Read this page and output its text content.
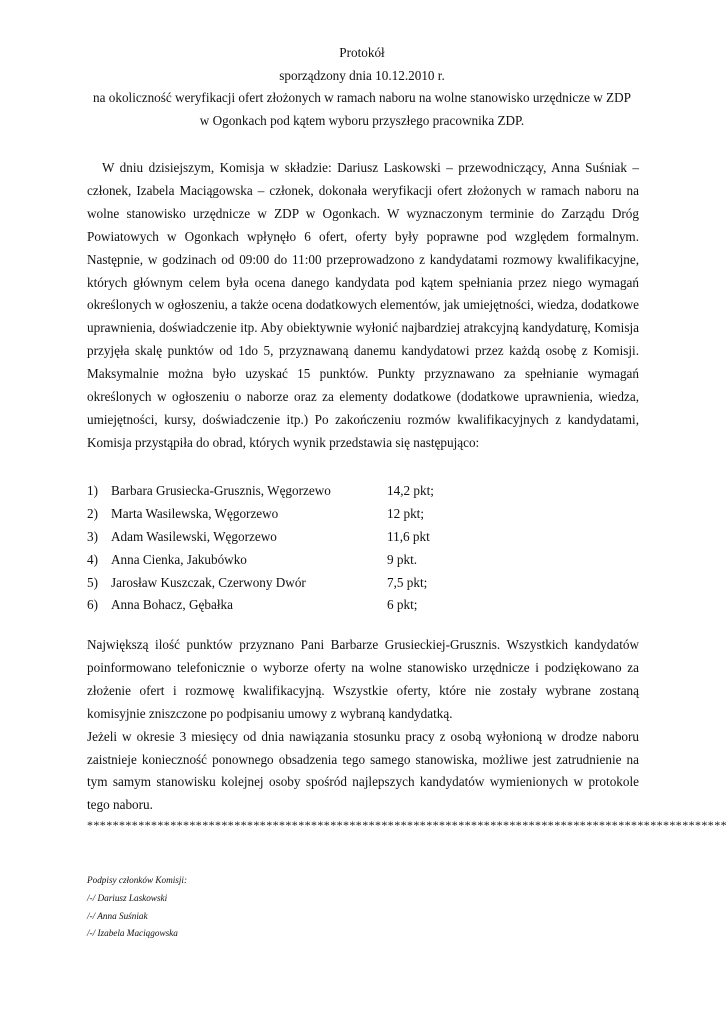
Protokół
sporządzony dnia 10.12.2010 r.
na okoliczność weryfikacji ofert złożonych w ramach naboru na wolne stanowisko urzędnicze w ZDP
w Ogonkach pod kątem wyboru przyszłego pracownika ZDP.
W dniu dzisiejszym, Komisja w składzie: Dariusz Laskowski – przewodniczący, Anna Suśniak – członek, Izabela Maciągowska – członek, dokonała weryfikacji ofert złożonych w ramach naboru na wolne stanowisko urzędnicze w ZDP w Ogonkach. W wyznaczonym terminie do Zarządu Dróg Powiatowych w Ogonkach wpłynęło 6 ofert, oferty były poprawne pod względem formalnym. Następnie, w godzinach od 09:00 do 11:00 przeprowadzono z kandydatami rozmowy kwalifikacyjne, których głównym celem była ocena danego kandydata pod kątem spełniania przez niego wymagań określonych w ogłoszeniu, a także ocena dodatkowych elementów, jak umiejętności, wiedza, dodatkowe uprawnienia, doświadczenie itp. Aby obiektywnie wyłonić najbardziej atrakcyjną kandydaturę, Komisja przyjęła skalę punktów od 1do 5, przyznawaną danemu kandydatowi przez każdą osobę z Komisji. Maksymalnie można było uzyskać 15 punktów. Punkty przyznawano za spełnianie wymagań określonych w ogłoszeniu o naborze oraz za elementy dodatkowe (dodatkowe uprawnienia, wiedza, umiejętności, kursy, doświadczenie itp.) Po zakończeniu rozmów kwalifikacyjnych z kandydatami, Komisja przystąpiła do obrad, których wynik przedstawia się następująco:
1) Barbara Grusiecka-Grusznis, Węgorzewo	14,2 pkt;
2) Marta Wasilewska, Węgorzewo	12 pkt;
3) Adam Wasilewski, Węgorzewo	11,6 pkt
4) Anna Cienka, Jakubówko	9 pkt.
5) Jarosław Kuszczak, Czerwony Dwór	7,5 pkt;
6) Anna Bohacz, Gębałka	6 pkt;
Największą ilość punktów przyznano Pani Barbarze Grusieckiej-Grusznis. Wszystkich kandydatów poinformowano telefonicznie o wyborze oferty na wolne stanowisko urzędnicze i podziękowano za złożenie ofert i rozmowę kwalifikacyjną. Wszystkie oferty, które nie zostały wybrane zostaną komisyjnie zniszczone po podpisaniu umowy z wybraną kandydatką.
Jeżeli w okresie 3 miesięcy od dnia nawiązania stosunku pracy z osobą wyłonioną w drodze naboru zaistnieje konieczność ponownego obsadzenia tego samego stanowiska, możliwe jest zatrudnienie na tym samym stanowisku kolejnej osoby spośród najlepszych kandydatów wymienionych w protokole tego naboru.
****************************************************************************************************
Podpisy członków Komisji:
/-/ Dariusz Laskowski
/-/ Anna Suśniak
/-/ Izabela Maciągowska
